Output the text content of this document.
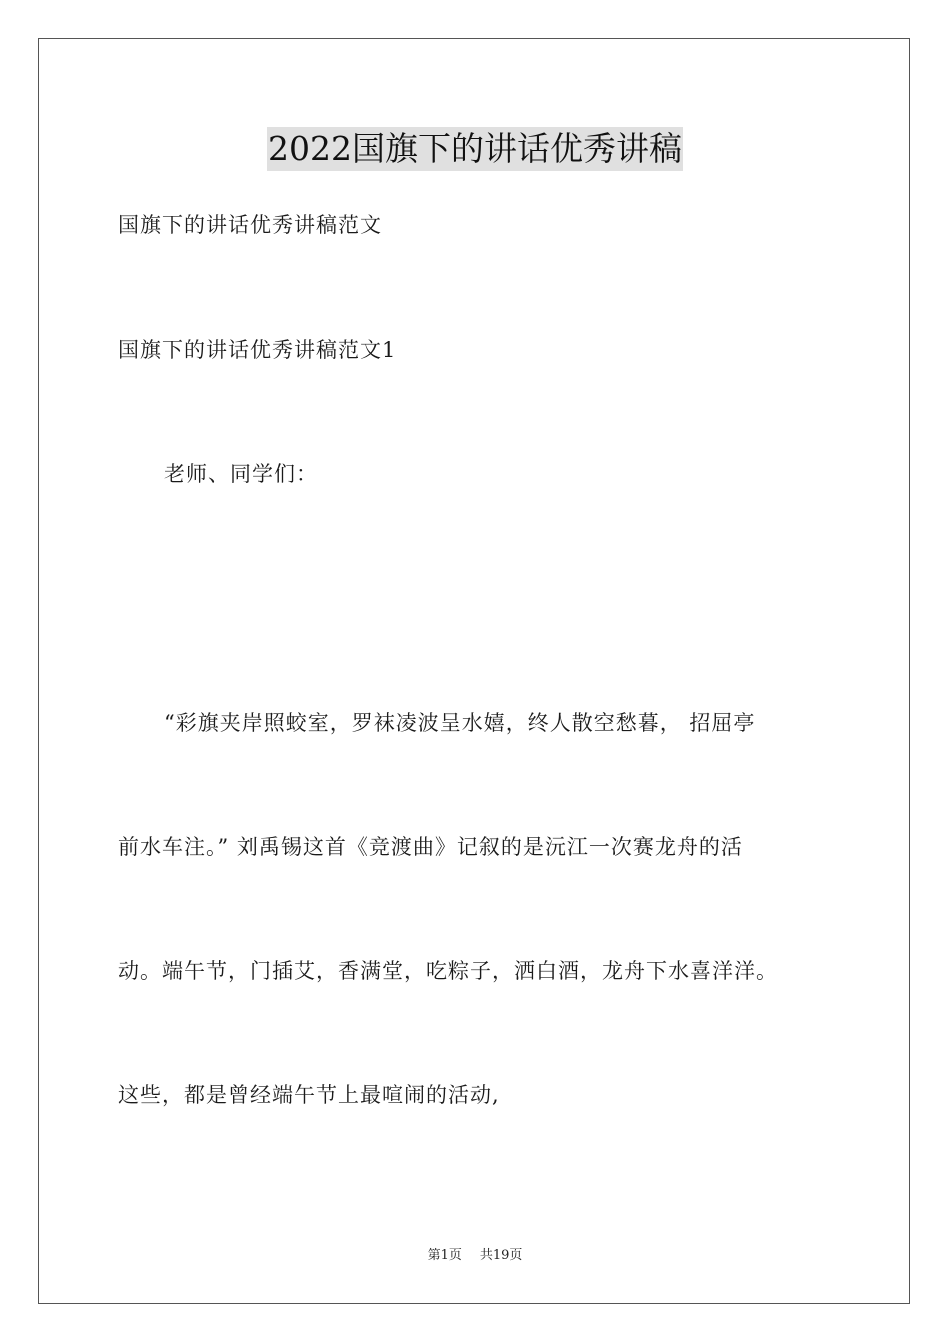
2022国旗下的讲话优秀讲稿
国旗下的讲话优秀讲稿范文
国旗下的讲话优秀讲稿范文1
老师、同学们：
“彩旗夹岸照蛟室，罗袜凌波呈水嬉，终人散空愁暮， 招屈亭
前水车注。” 刘禹锡这首《竞渡曲》记叙的是沅江一次赛龙舟的活
动。端午节，门插艾，香满堂，吃粽子，洒白酒，龙舟下水喜洋洋。
这些，都是曾经端午节上最喧闹的活动,
第1页 共19页
